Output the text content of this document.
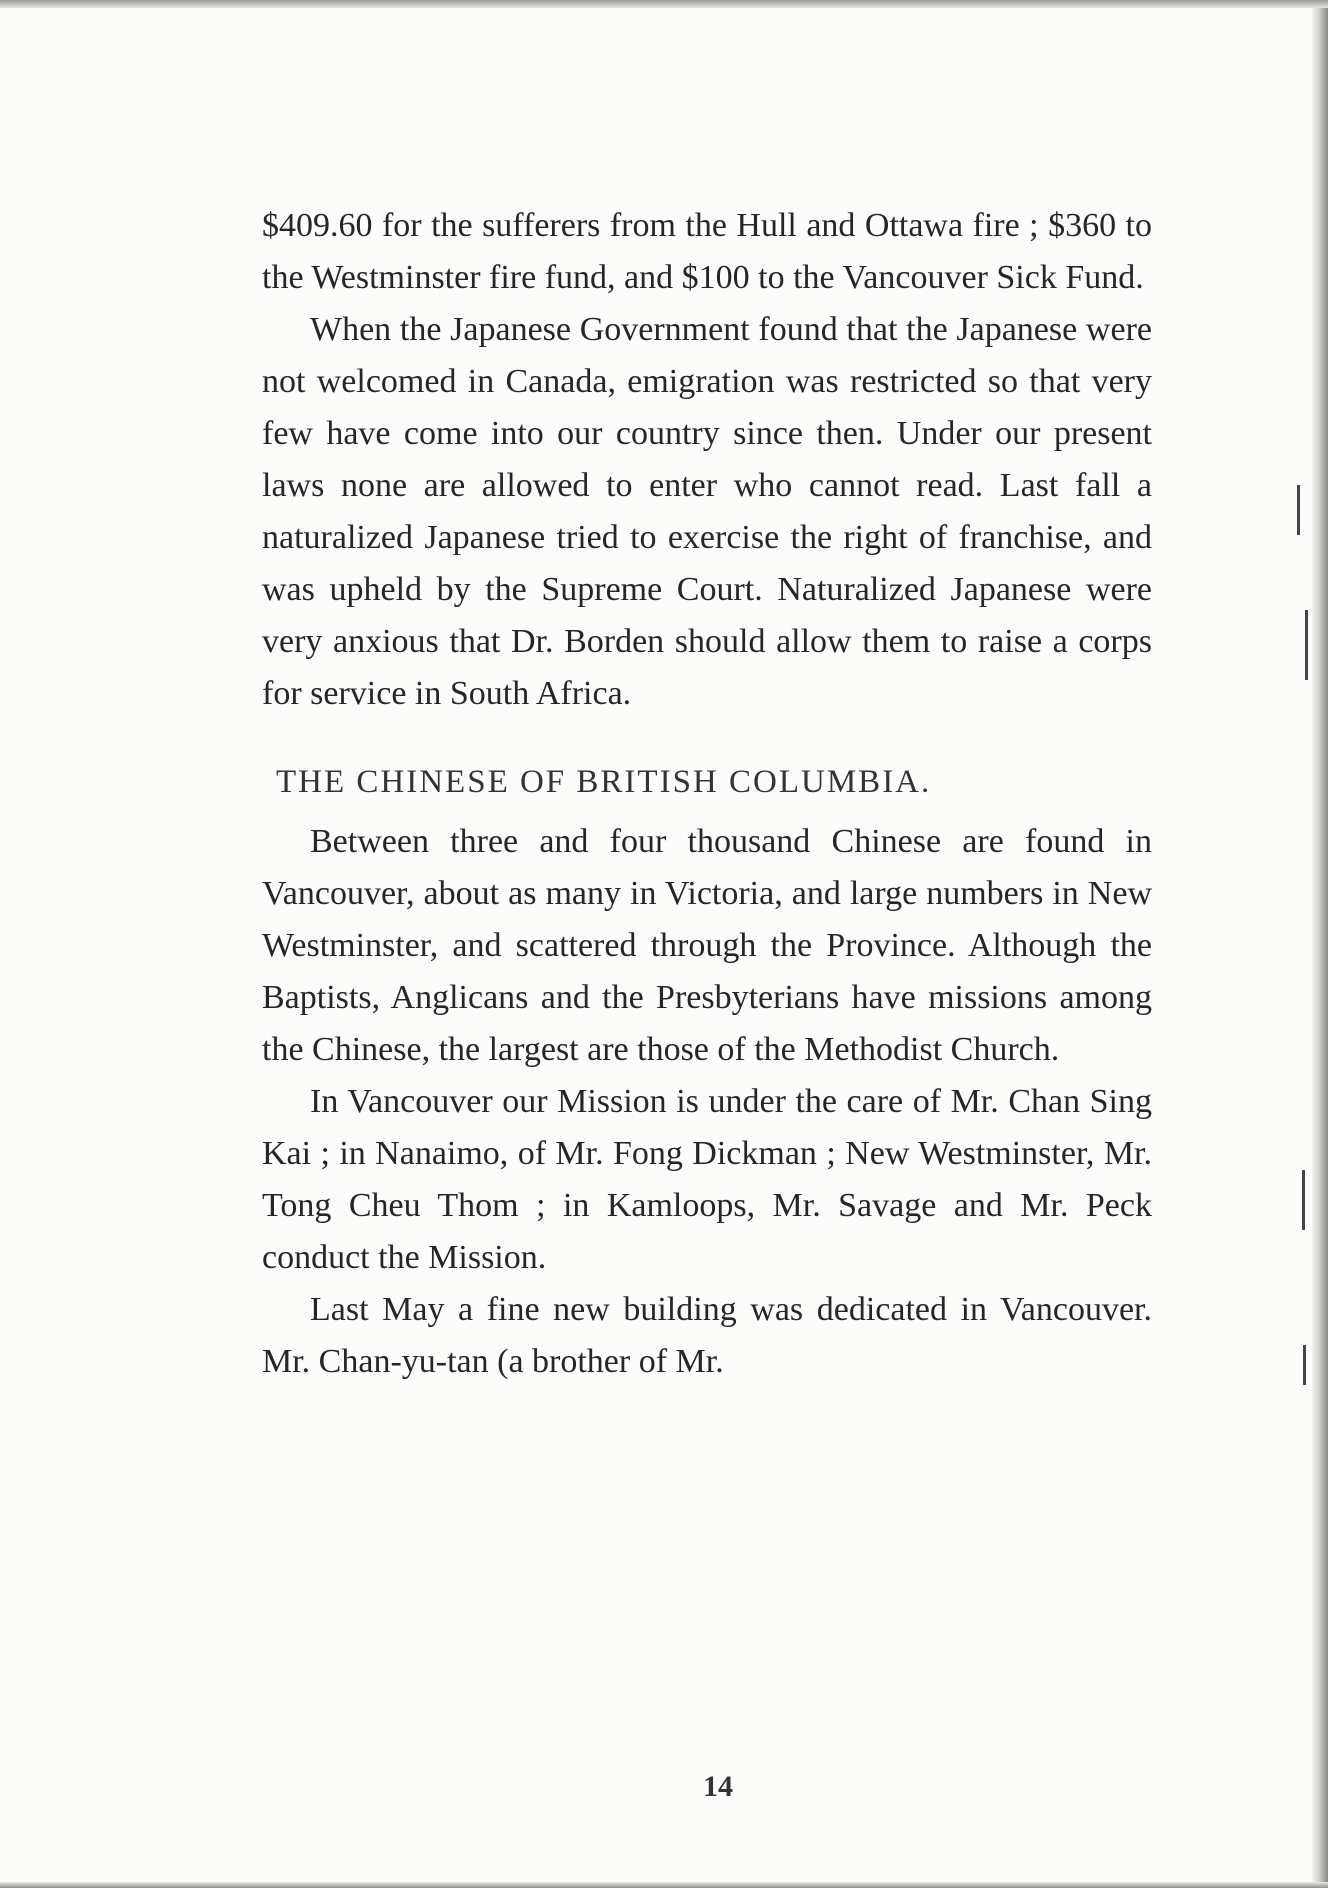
$409.60 for the sufferers from the Hull and Ottawa fire ; $360 to the Westminster fire fund, and $100 to the Vancouver Sick Fund.

When the Japanese Government found that the Japanese were not welcomed in Canada, emigration was restricted so that very few have come into our country since then. Under our present laws none are allowed to enter who cannot read. Last fall a naturalized Japanese tried to exercise the right of franchise, and was upheld by the Supreme Court. Naturalized Japanese were very anxious that Dr. Borden should allow them to raise a corps for service in South Africa.

THE CHINESE OF BRITISH COLUMBIA.

Between three and four thousand Chinese are found in Vancouver, about as many in Victoria, and large numbers in New Westminster, and scattered through the Province. Although the Baptists, Anglicans and the Presbyterians have missions among the Chinese, the largest are those of the Methodist Church.

In Vancouver our Mission is under the care of Mr. Chan Sing Kai ; in Nanaimo, of Mr. Fong Dickman ; New Westminster, Mr. Tong Cheu Thom ; in Kamloops, Mr. Savage and Mr. Peck conduct the Mission.

Last May a fine new building was dedicated in Vancouver. Mr. Chan-yu-tan (a brother of Mr.

14
